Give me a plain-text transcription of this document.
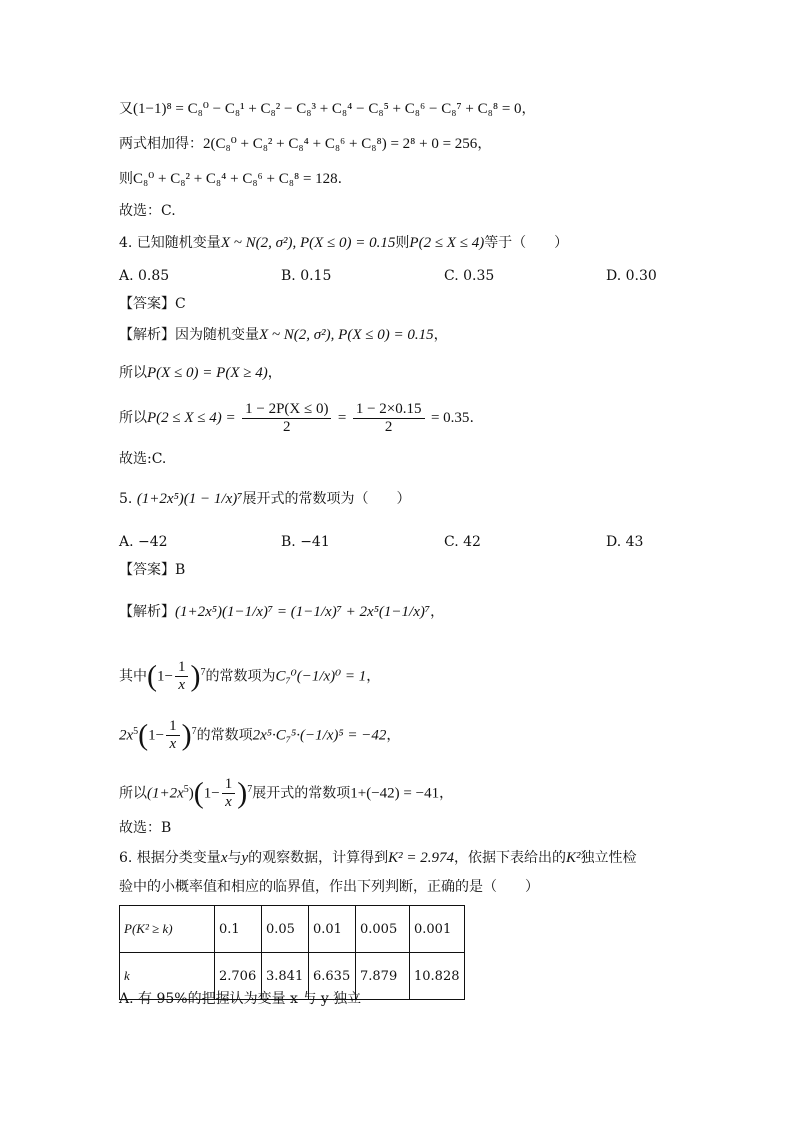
又(1−1)⁸ = C₈⁰ − C₈¹ + C₈² − C₈³ + C₈⁴ − C₈⁵ + C₈⁶ − C₈⁷ + C₈⁸ = 0，
两式相加得：2(C₈⁰ + C₈² + C₈⁴ + C₈⁶ + C₈⁸) = 2⁸ + 0 = 256，
则C₈⁰ + C₈² + C₈⁴ + C₈⁶ + C₈⁸ = 128.
故选：C.
4. 已知随机变量X ~ N(2, σ²), P(X ≤ 0) = 0.15则P(2 ≤ X ≤ 4)等于（　　）
A. 0.85	B. 0.15	C. 0.35	D. 0.30
【答案】C
【解析】因为随机变量X ~ N(2, σ²), P(X ≤ 0) = 0.15，
所以P(X ≤ 0) = P(X ≥ 4)，
所以$P(2 \le X \le 4) = \frac{1 - 2P(X \le 0)}{2} = \frac{1 - 2\times 0.15}{2} = 0.35$.
故选:C.
5. (1+2x⁵)(1 − 1/x)⁷展开式的常数项为（　　）
A. −42	B. −41	C. 42	D. 43
【答案】B
【解析】(1+2x⁵)(1−1/x)⁷ = (1−1/x)⁷ + 2x⁵(1−1/x)⁷，
其中$(1- \frac{1}{x} )^7$的常数项为C₇⁰(−1/x)⁰ = 1，
$2x^5(1- \frac{1}{x} )^7$的常数项2x⁵·C₇⁵·(−1/x)⁵ = −42，
所以$(1+2x^5)(1- \frac{1}{x} )^7$展开式的常数项1+(−42) = −41，
故选：B
6. 根据分类变量x与y的观察数据，计算得到K² = 2.974，依据下表给出的K²独立性检
验中的小概率值和相应的临界值，作出下列判断，正确的是（　　）
P(K² ≥ k)	0.1	0.05	0.01	0.005	0.001
k	2.706	3.841	6.635	7.879	10.828
A. 有 95%的把握认为变量 x 与 y 独立
